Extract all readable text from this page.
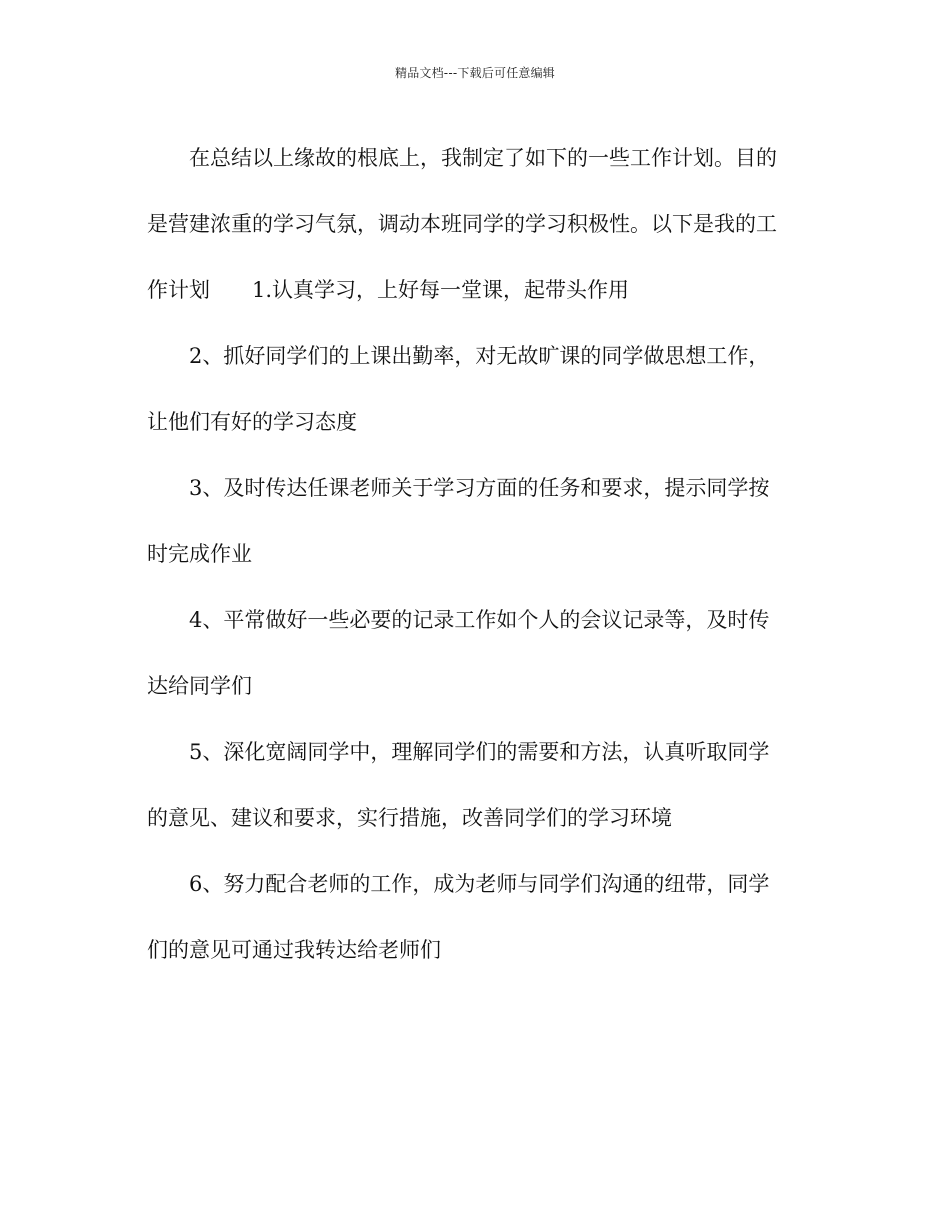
精品文档---下载后可任意编辑
　　在总结以上缘故的根底上，我制定了如下的一些工作计划。目的
是营建浓重的学习气氛，调动本班同学的学习积极性。以下是我的工
作计划　　1.认真学习，上好每一堂课，起带头作用
　　2、抓好同学们的上课出勤率，对无故旷课的同学做思想工作，
让他们有好的学习态度
　　3、及时传达任课老师关于学习方面的任务和要求，提示同学按
时完成作业
　　4、平常做好一些必要的记录工作如个人的会议记录等，及时传
达给同学们
　　5、深化宽阔同学中，理解同学们的需要和方法，认真听取同学
的意见、建议和要求，实行措施，改善同学们的学习环境
　　6、努力配合老师的工作，成为老师与同学们沟通的纽带，同学
们的意见可通过我转达给老师们
